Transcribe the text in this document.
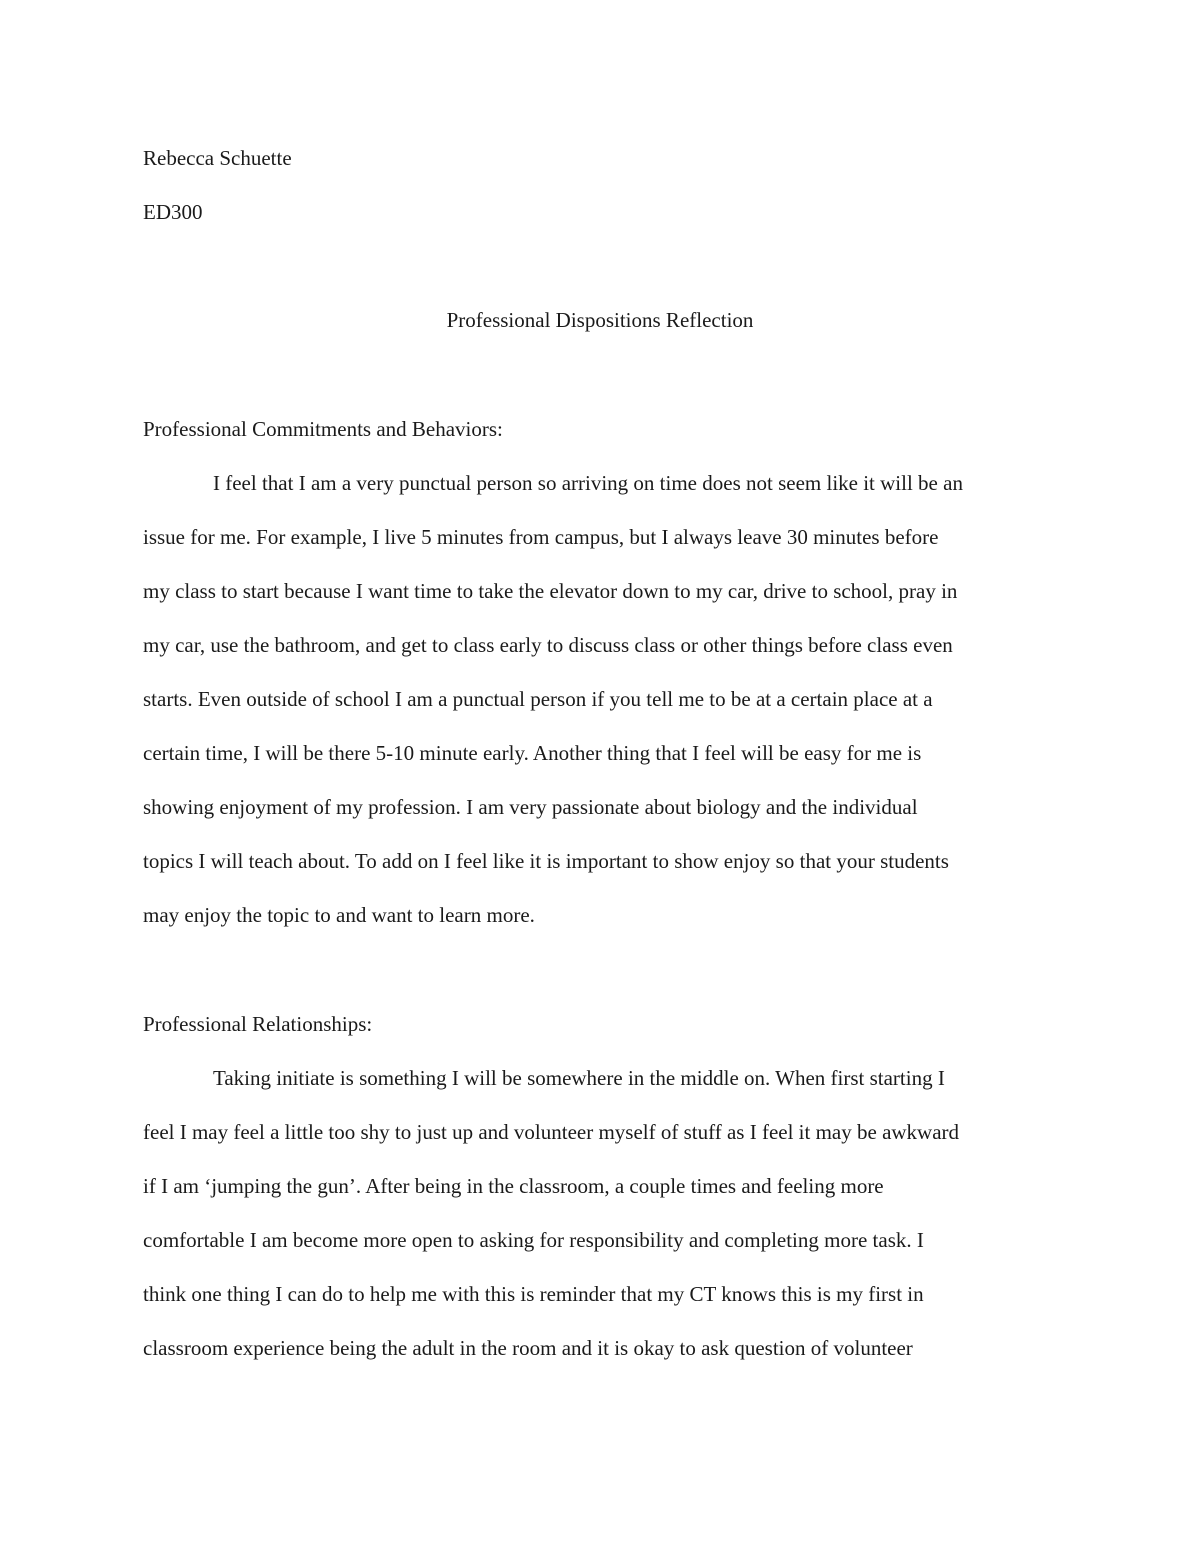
Rebecca Schuette
ED300
Professional Dispositions Reflection
Professional Commitments and Behaviors:
I feel that I am a very punctual person so arriving on time does not seem like it will be an
issue for me. For example, I live 5 minutes from campus, but I always leave 30 minutes before
my class to start because I want time to take the elevator down to my car, drive to school, pray in
my car, use the bathroom, and get to class early to discuss class or other things before class even
starts. Even outside of school I am a punctual person if you tell me to be at a certain place at a
certain time, I will be there 5-10 minute early. Another thing that I feel will be easy for me is
showing enjoyment of my profession. I am very passionate about biology and the individual
topics I will teach about. To add on I feel like it is important to show enjoy so that your students
may enjoy the topic to and want to learn more.
Professional Relationships:
Taking initiate is something I will be somewhere in the middle on. When first starting I
feel I may feel a little too shy to just up and volunteer myself of stuff as I feel it may be awkward
if I am ‘jumping the gun’. After being in the classroom, a couple times and feeling more
comfortable I am become more open to asking for responsibility and completing more task. I
think one thing I can do to help me with this is reminder that my CT knows this is my first in
classroom experience being the adult in the room and it is okay to ask question of volunteer
